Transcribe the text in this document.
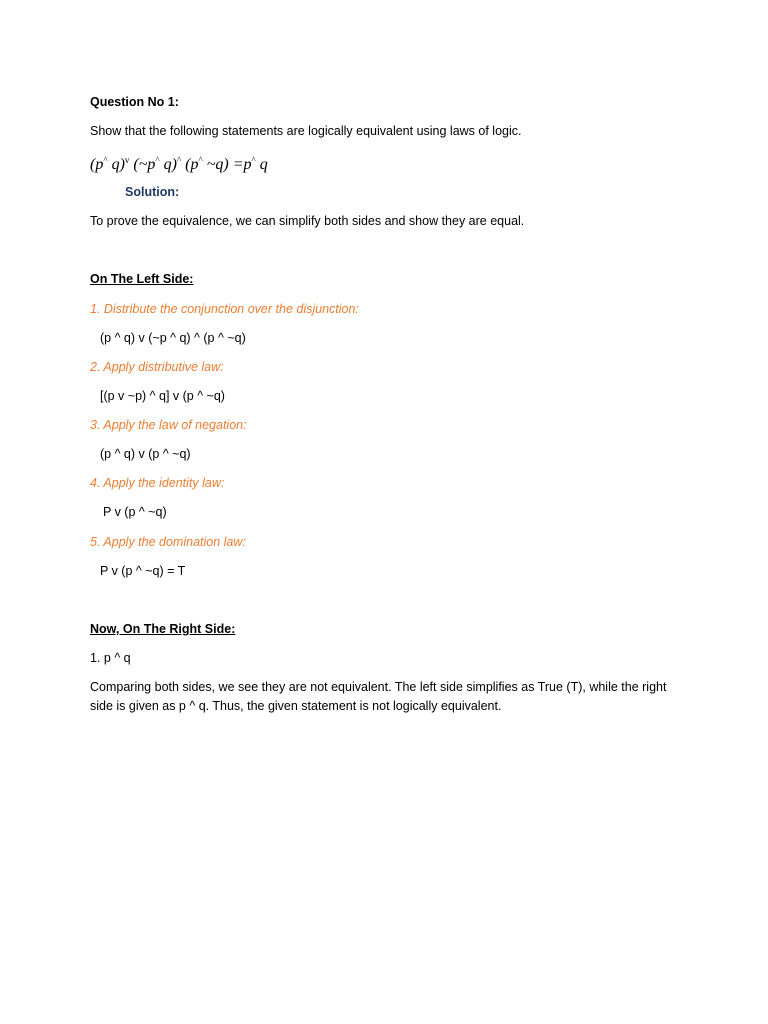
Question No 1:
Show that the following statements are logically equivalent using laws of logic.
(p^ q)$^v$ (~p^ q)^ (p^ ~q) =p^ q
Solution:
To prove the equivalence, we can simplify both sides and show they are equal.
On The Left Side:
1. Distribute the conjunction over the disjunction:
(p ^ q) v (~p ^ q) ^ (p ^ ~q)
2. Apply distributive law:
[(p v ~p) ^ q] v (p ^ ~q)
3. Apply the law of negation:
(p ^ q) v (p ^ ~q)
4. Apply the identity law:
P v (p ^ ~q)
5. Apply the domination law:
P v (p ^ ~q) = T
Now, On The Right Side:
1. p ^ q
Comparing both sides, we see they are not equivalent. The left side simplifies as True (T), while the right
side is given as p ^ q. Thus, the given statement is not logically equivalent.
